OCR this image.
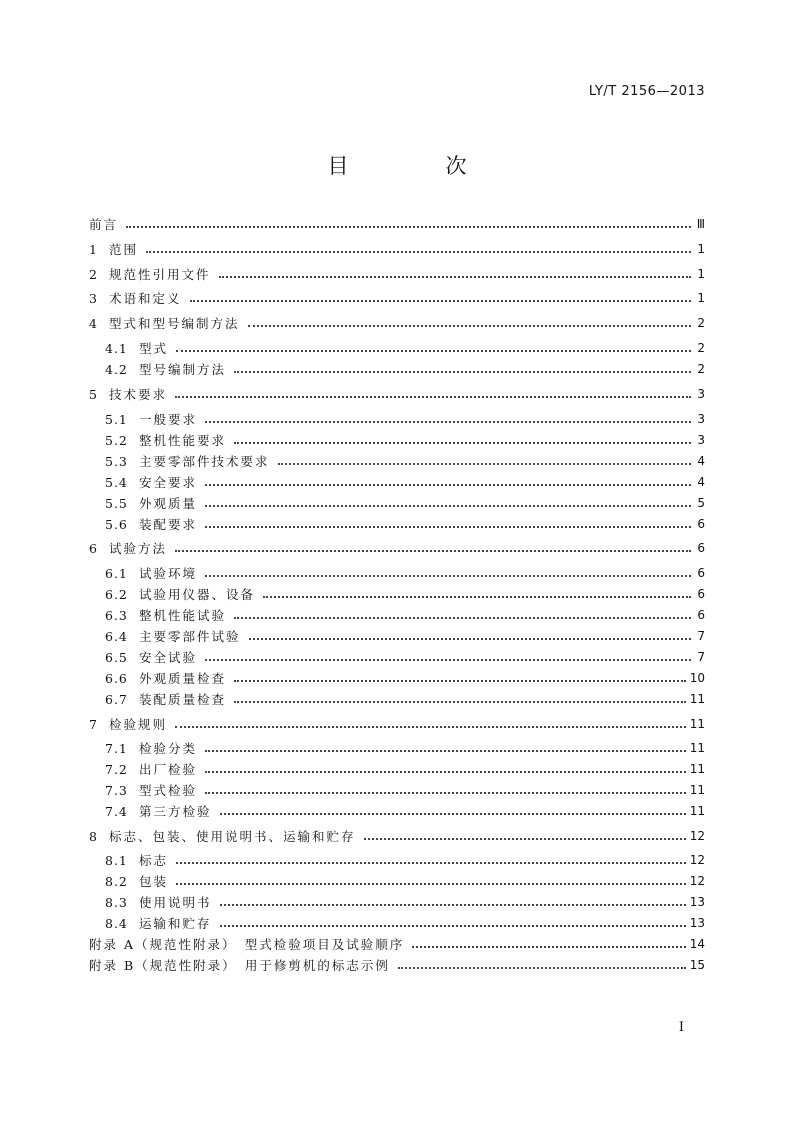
LY/T 2156—2013
目　次
前言	Ⅲ
1 范围	1
2 规范性引用文件	1
3 术语和定义	1
4 型式和型号编制方法	2
4.1 型式	2
4.2 型号编制方法	2
5 技术要求	3
5.1 一般要求	3
5.2 整机性能要求	3
5.3 主要零部件技术要求	4
5.4 安全要求	4
5.5 外观质量	5
5.6 装配要求	6
6 试验方法	6
6.1 试验环境	6
6.2 试验用仪器、设备	6
6.3 整机性能试验	6
6.4 主要零部件试验	7
6.5 安全试验	7
6.6 外观质量检查	10
6.7 装配质量检查	11
7 检验规则	11
7.1 检验分类	11
7.2 出厂检验	11
7.3 型式检验	11
7.4 第三方检验	11
8 标志、包装、使用说明书、运输和贮存	12
8.1 标志	12
8.2 包装	12
8.3 使用说明书	13
8.4 运输和贮存	13
附录 A（规范性附录）　型式检验项目及试验顺序	14
附录 B（规范性附录）　用于修剪机的标志示例	15
Ⅰ
